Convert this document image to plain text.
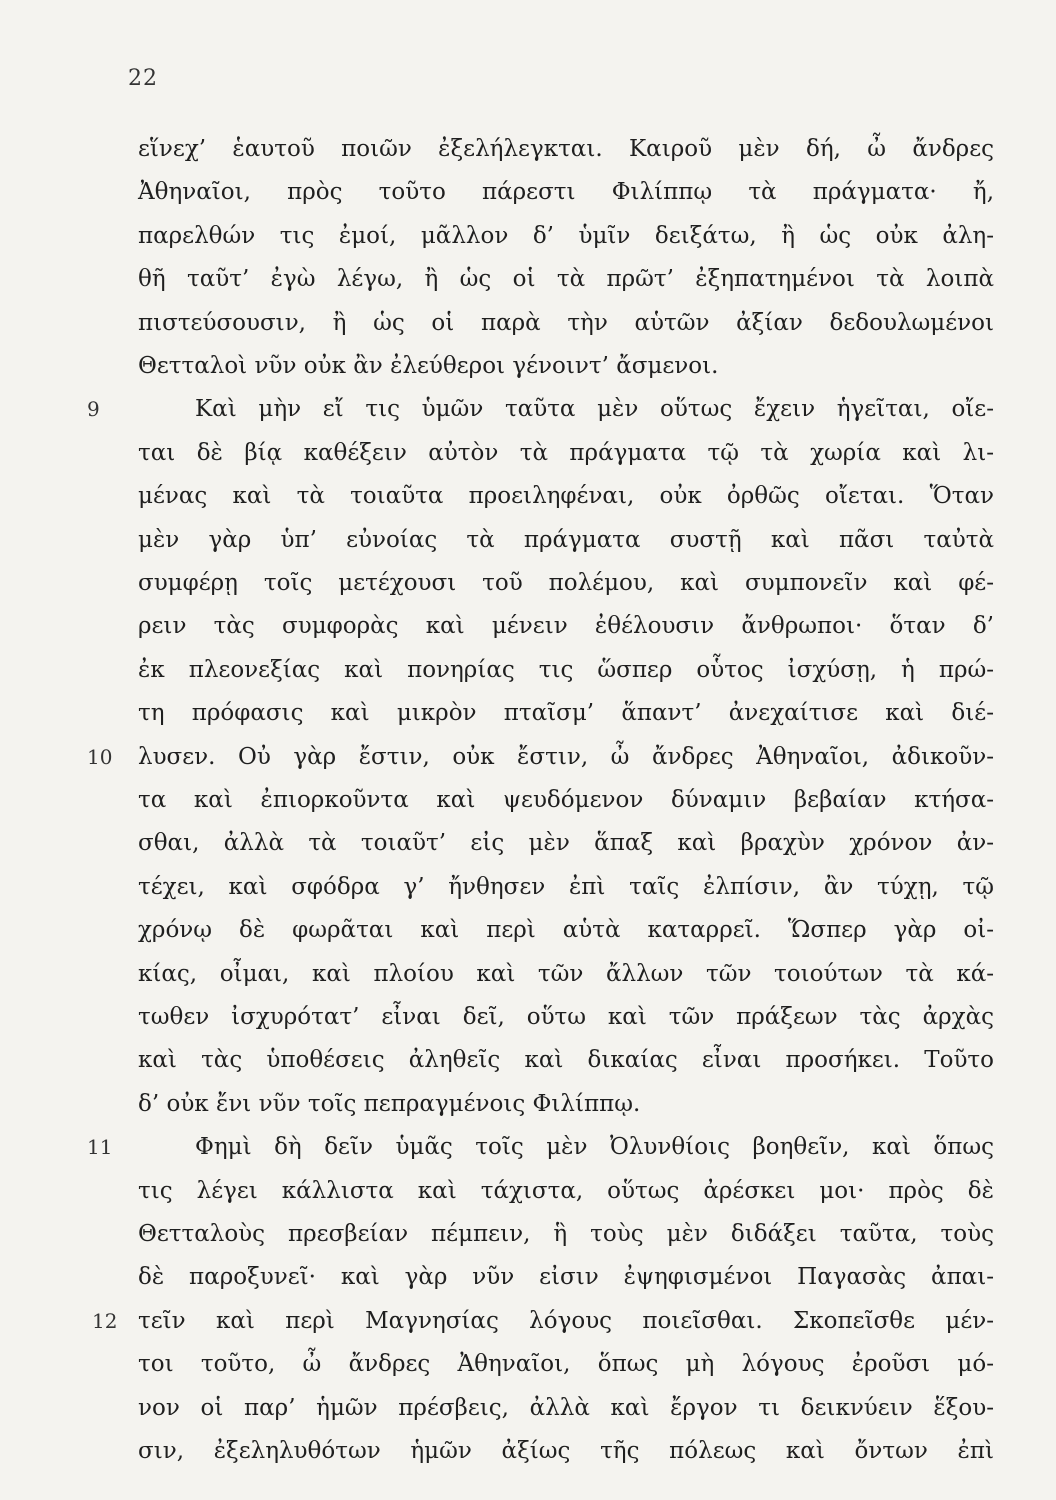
22
εἵνεχ’ ἑαυτοῦ ποιῶν ἐξελήλεγκται. Καιροῦ μὲν δή, ὦ ἄνδρες
Ἀθηναῖοι, πρὸς τοῦτο πάρεστι Φιλίππῳ τὰ πράγματα· ἤ,
παρελθών τις ἐμοί, μᾶλλον δ’ ὑμῖν δειξάτω, ἢ ὡς οὐκ ἀλη-
θῆ ταῦτ’ ἐγὼ λέγω, ἢ ὡς οἱ τὰ πρῶτ’ ἐξηπατημένοι τὰ λοιπὰ
πιστεύσουσιν, ἢ ὡς οἱ παρὰ τὴν αὑτῶν ἀξίαν δεδουλωμένοι
Θετταλοὶ νῦν οὐκ ἂν ἐλεύθεροι γένοιντ’ ἄσμενοι.
9	Καὶ μὴν εἴ τις ὑμῶν ταῦτα μὲν οὕτως ἔχειν ἡγεῖται, οἴε-
ται δὲ βίᾳ καθέξειν αὐτὸν τὰ πράγματα τῷ τὰ χωρία καὶ λι-
μένας καὶ τὰ τοιαῦτα προειληφέναι, οὐκ ὀρθῶς οἴεται. Ὅταν
μὲν γὰρ ὑπ’ εὐνοίας τὰ πράγματα συστῇ καὶ πᾶσι ταὐτὰ
συμφέρῃ τοῖς μετέχουσι τοῦ πολέμου, καὶ συμπονεῖν καὶ φέ-
ρειν τὰς συμφορὰς καὶ μένειν ἐθέλουσιν ἄνθρωποι· ὅταν δ’
ἐκ πλεονεξίας καὶ πονηρίας τις ὥσπερ οὗτος ἰσχύσῃ, ἡ πρώ-
τη πρόφασις καὶ μικρὸν πταῖσμ’ ἅπαντ’ ἀνεχαίτισε καὶ διέ-
10 λυσεν. Οὐ γὰρ ἔστιν, οὐκ ἔστιν, ὦ ἄνδρες Ἀθηναῖοι, ἀδικοῦν-
τα καὶ ἐπιορκοῦντα καὶ ψευδόμενον δύναμιν βεβαίαν κτήσα-
σθαι, ἀλλὰ τὰ τοιαῦτ’ εἰς μὲν ἅπαξ καὶ βραχὺν χρόνον ἀν-
τέχει, καὶ σφόδρα γ’ ἤνθησεν ἐπὶ ταῖς ἐλπίσιν, ἂν τύχῃ, τῷ
χρόνῳ δὲ φωρᾶται καὶ περὶ αὑτὰ καταρρεῖ. Ὥσπερ γὰρ οἰ-
κίας, οἶμαι, καὶ πλοίου καὶ τῶν ἄλλων τῶν τοιούτων τὰ κά-
τωθεν ἰσχυρότατ’ εἶναι δεῖ, οὕτω καὶ τῶν πράξεων τὰς ἀρχὰς
καὶ τὰς ὑποθέσεις ἀληθεῖς καὶ δικαίας εἶναι προσήκει. Τοῦτο
δ’ οὐκ ἔνι νῦν τοῖς πεπραγμένοις Φιλίππῳ.
11	Φημὶ δὴ δεῖν ὑμᾶς τοῖς μὲν Ὀλυνθίοις βοηθεῖν, καὶ ὅπως
τις λέγει κάλλιστα καὶ τάχιστα, οὕτως ἀρέσκει μοι· πρὸς δὲ
Θετταλοὺς πρεσβείαν πέμπειν, ἣ τοὺς μὲν διδάξει ταῦτα, τοὺς
δὲ παροξυνεῖ· καὶ γὰρ νῦν εἰσιν ἐψηφισμένοι Παγασὰς ἀπαι-
τεῖν καὶ περὶ Μαγνησίας λόγους ποιεῖσθαι. Σκοπεῖσθε μέν-
τοι τοῦτο, ὦ ἄνδρες Ἀθηναῖοι, ὅπως μὴ λόγους ἐροῦσι μό-
νον οἱ παρ’ ἡμῶν πρέσβεις, ἀλλὰ καὶ ἔργον τι δεικνύειν ἕξου-
σιν, ἐξεληλυθότων ἡμῶν ἀξίως τῆς πόλεως καὶ ὄντων ἐπὶ
12
